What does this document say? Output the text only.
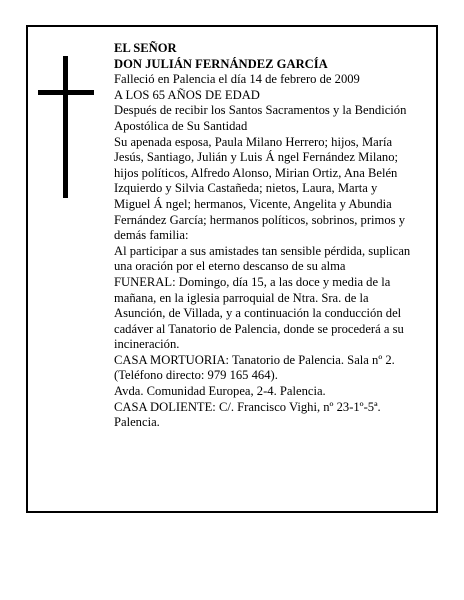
EL SEÑOR

DON JULIÁN FERNÁNDEZ GARCÍA

Falleció en Palencia el día 14 de febrero de 2009

A LOS 65 AÑOS DE EDAD

Después de recibir los Santos Sacramentos y la Bendición Apostólica de Su Santidad

Su apenada esposa, Paula Milano Herrero; hijos, María Jesús, Santiago, Julián y Luis Á ngel Fernández Milano; hijos políticos, Alfredo Alonso, Mirian Ortiz, Ana Belén Izquierdo y Silvia Castañeda; nietos, Laura, Marta y Miguel Á ngel; hermanos, Vicente, Angelita y Abundia Fernández García; hermanos políticos, sobrinos, primos y demás familia:

Al participar a sus amistades tan sensible pérdida, suplican una oración por el eterno descanso de su alma

FUNERAL: Domingo, día 15, a las doce y media de la mañana, en la iglesia parroquial de Ntra. Sra. de la Asunción, de Villada, y a continuación la conducción del cadáver al Tanatorio de Palencia, donde se procederá a su incineración.

CASA MORTUORIA: Tanatorio de Palencia. Sala nº 2. (Teléfono directo: 979 165 464).

Avda. Comunidad Europea, 2-4. Palencia.

CASA DOLIENTE: C/. Francisco Vighi, nº 23-1º-5ª. Palencia.
